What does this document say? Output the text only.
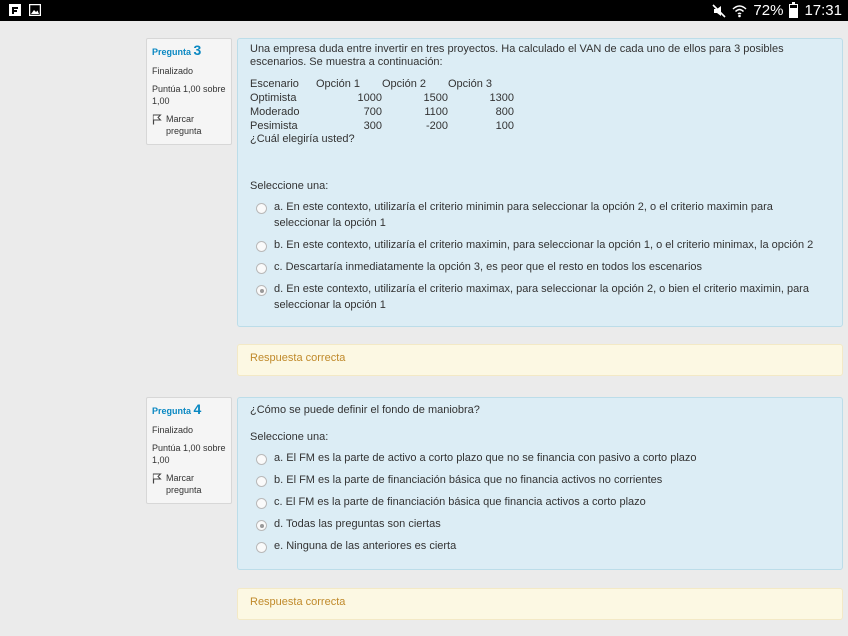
72% 17:31
Pregunta 3
Finalizado
Puntúa 1,00 sobre 1,00
Marcar pregunta
Una empresa duda entre invertir en tres proyectos. Ha calculado el VAN de cada uno de ellos para 3 posibles escenarios. Se muestra a continuación:
Escenario	Opción 1	Opción 2	Opción 3
Optimista	1000	1500	1300
Moderado	700	1100	800
Pesimista	300	-200	100
¿Cuál elegiría usted?
Seleccione una:
a. En este contexto, utilizaría el criterio minimin para seleccionar la opción 2, o el criterio maximin para seleccionar la opción 1
b. En este contexto, utilizaría el criterio maximin, para seleccionar la opción 1, o el criterio minimax, la opción 2
c. Descartaría inmediatamente la opción 3, es peor que el resto en todos los escenarios
d. En este contexto, utilizaría el criterio maximax, para seleccionar la opción 2, o bien el criterio maximin, para seleccionar la opción 1
Respuesta correcta
Pregunta 4
Finalizado
Puntúa 1,00 sobre 1,00
Marcar pregunta
¿Cómo se puede definir el fondo de maniobra?
Seleccione una:
a. El FM es la parte de activo a corto plazo que no se financia con pasivo a corto plazo
b. El FM es la parte de financiación básica que no financia activos no corrientes
c. El FM es la parte de financiación básica que financia activos a corto plazo
d. Todas las preguntas son ciertas
e. Ninguna de las anteriores es cierta
Respuesta correcta
